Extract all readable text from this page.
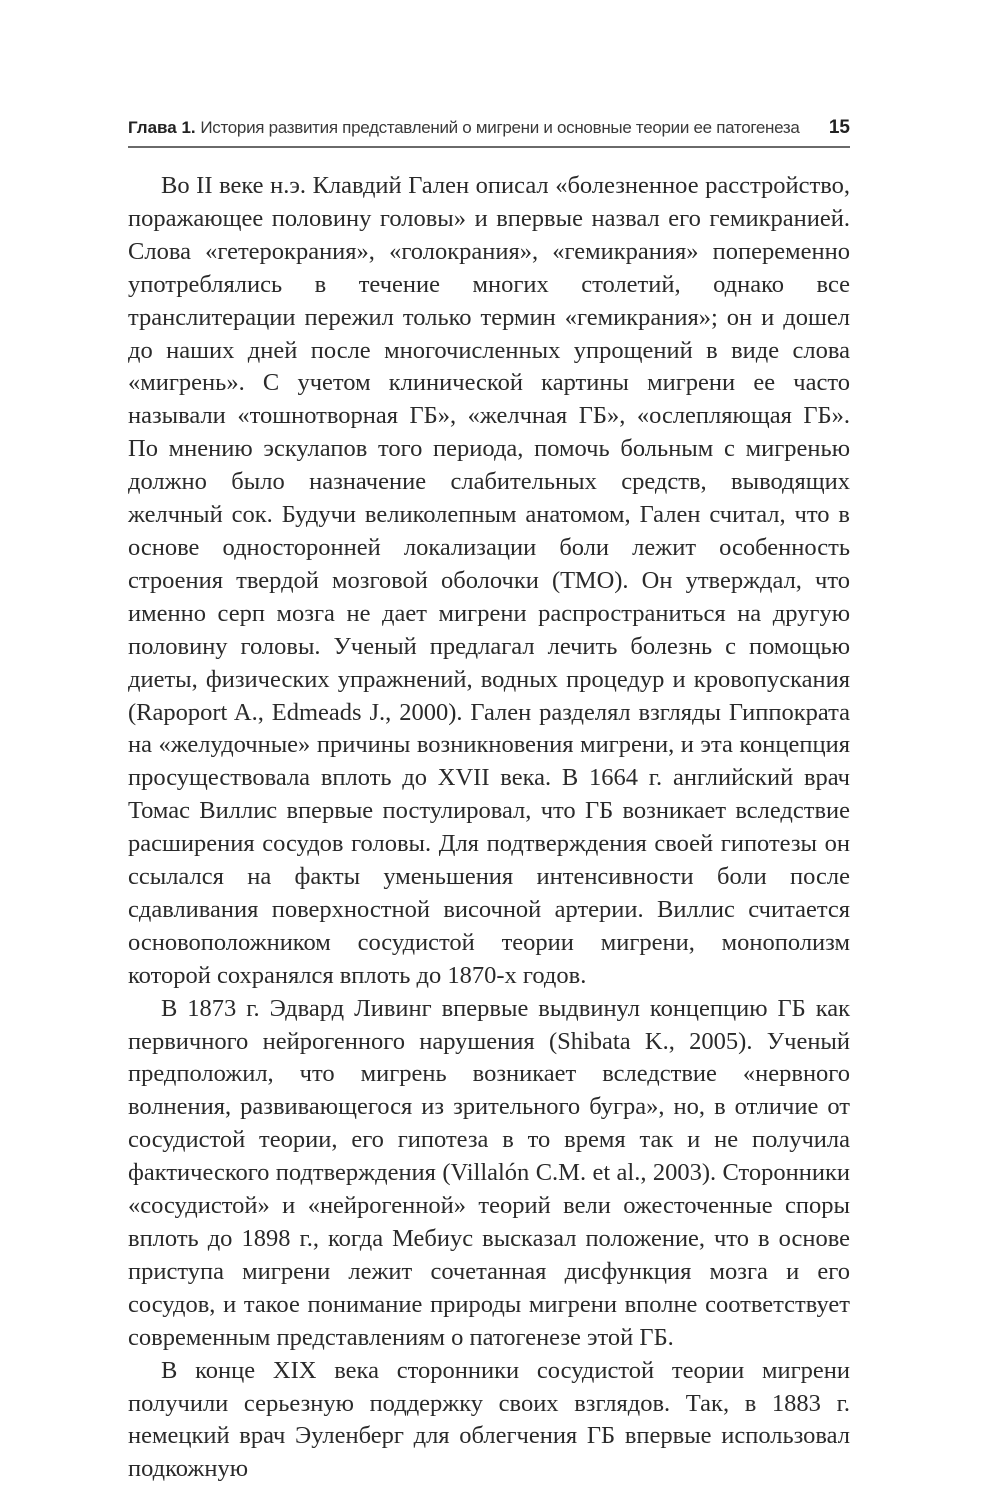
Глава 1. История развития представлений о мигрени и основные теории ее патогенеза 15

Во II веке н.э. Клавдий Гален описал «болезненное расстройство, поражающее половину головы» и впервые назвал его гемикранией. Слова «гетерокрания», «голокрания», «гемикрания» попеременно употреблялись в течение многих столетий, однако все транслитерации пережил только термин «гемикрания»; он и дошел до наших дней после многочисленных упрощений в виде слова «мигрень». С учетом клинической картины мигрени ее часто называли «тошнотворная ГБ», «желчная ГБ», «ослепляющая ГБ». По мнению эскулапов того периода, помочь больным с мигренью должно было назначение слабительных средств, выводящих желчный сок. Будучи великолепным анатомом, Гален считал, что в основе односторонней локализации боли лежит особенность строения твердой мозговой оболочки (ТМО). Он утверждал, что именно серп мозга не дает мигрени распространиться на другую половину головы. Ученый предлагал лечить болезнь с помощью диеты, физических упражнений, водных процедур и кровопускания (Rapoport A., Edmeads J., 2000). Гален разделял взгляды Гиппократа на «желудочные» причины возникновения мигрени, и эта концепция просуществовала вплоть до XVII века. В 1664 г. английский врач Томас Виллис впервые постулировал, что ГБ возникает вследствие расширения сосудов головы. Для подтверждения своей гипотезы он ссылался на факты уменьшения интенсивности боли после сдавливания поверхностной височной артерии. Виллис считается основоположником сосудистой теории мигрени, монополизм которой сохранялся вплоть до 1870-х годов.

В 1873 г. Эдвард Ливинг впервые выдвинул концепцию ГБ как первичного нейрогенного нарушения (Shibata K., 2005). Ученый предположил, что мигрень возникает вследствие «нервного волнения, развивающегося из зрительного бугра», но, в отличие от сосудистой теории, его гипотеза в то время так и не получила фактического подтверждения (Villalón C.M. et al., 2003). Сторонники «сосудистой» и «нейрогенной» теорий вели ожесточенные споры вплоть до 1898 г., когда Мебиус высказал положение, что в основе приступа мигрени лежит сочетанная дисфункция мозга и его сосудов, и такое понимание природы мигрени вполне соответствует современным представлениям о патогенезе этой ГБ.

В конце XIX века сторонники сосудистой теории мигрени получили серьезную поддержку своих взглядов. Так, в 1883 г. немецкий врач Эуленберг для облегчения ГБ впервые использовал подкожную
